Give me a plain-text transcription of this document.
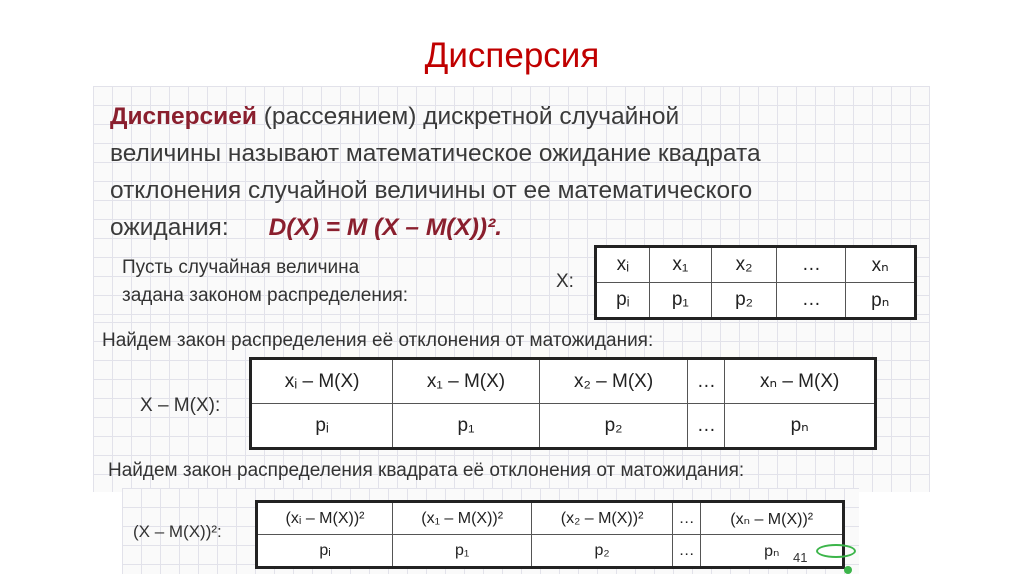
Дисперсия
Дисперсией (рассеянием) дискретной случайной
величины называют математическое ожидание квадрата
отклонения случайной величины от ее математического
ожидания: D(X) = M (X – M(X))².
Пусть случайная величина
задана законом распределения:
X:
xᵢ	x₁	x₂	…	xₙ
pᵢ	p₁	p₂	…	pₙ
Найдем закон распределения её отклонения от матожидания:
X – M(X):
xᵢ – M(X)	x₁ – M(X)	x₂ – M(X)	…	xₙ – M(X)
pᵢ	p₁	p₂	…	pₙ
Найдем закон распределения квадрата её отклонения от матожидания:
(X – M(X))²:
(xᵢ – M(X))²	(x₁ – M(X))²	(x₂ – M(X))²	…	(xₙ – M(X))²
pᵢ	p₁	p₂	…	pₙ 41
